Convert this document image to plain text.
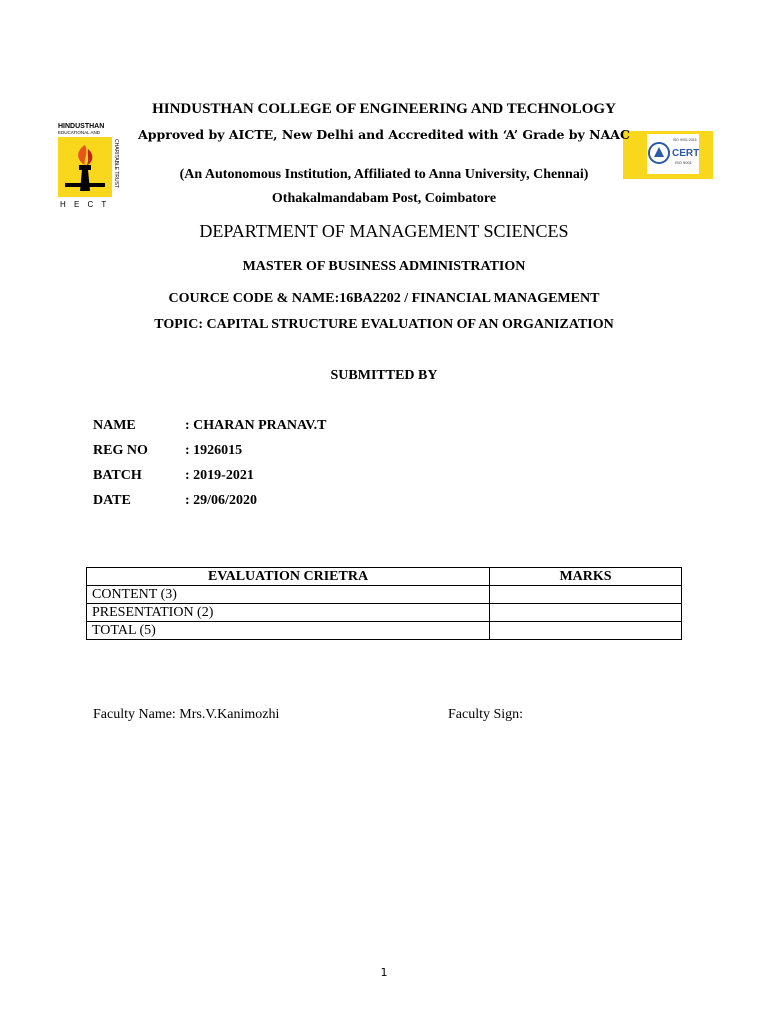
HINDUSTHAN
EDUCATIONAL AND
CHARITABLE TRUST
H E C T
ISO 9001:2015
CERT
ISO 9001
HINDUSTHAN COLLEGE OF ENGINEERING AND TECHNOLOGY
Approved by AICTE, New Delhi and Accredited with ‘A’ Grade by NAAC
(An Autonomous Institution, Affiliated to Anna University, Chennai)
Othakalmandabam Post, Coimbatore
DEPARTMENT OF MANAGEMENT SCIENCES
MASTER OF BUSINESS ADMINISTRATION
COURCE CODE & NAME:16BA2202 / FINANCIAL MANAGEMENT
TOPIC: CAPITAL STRUCTURE EVALUATION OF AN ORGANIZATION
SUBMITTED BY
NAME	: CHARAN PRANAV.T
REG NO	: 1926015
BATCH	: 2019-2021
DATE	: 29/06/2020
EVALUATION CRIETRA	MARKS
CONTENT (3)	
PRESENTATION (2)	
TOTAL (5)	
Faculty Name: Mrs.V.Kanimozhi	Faculty Sign:
1
